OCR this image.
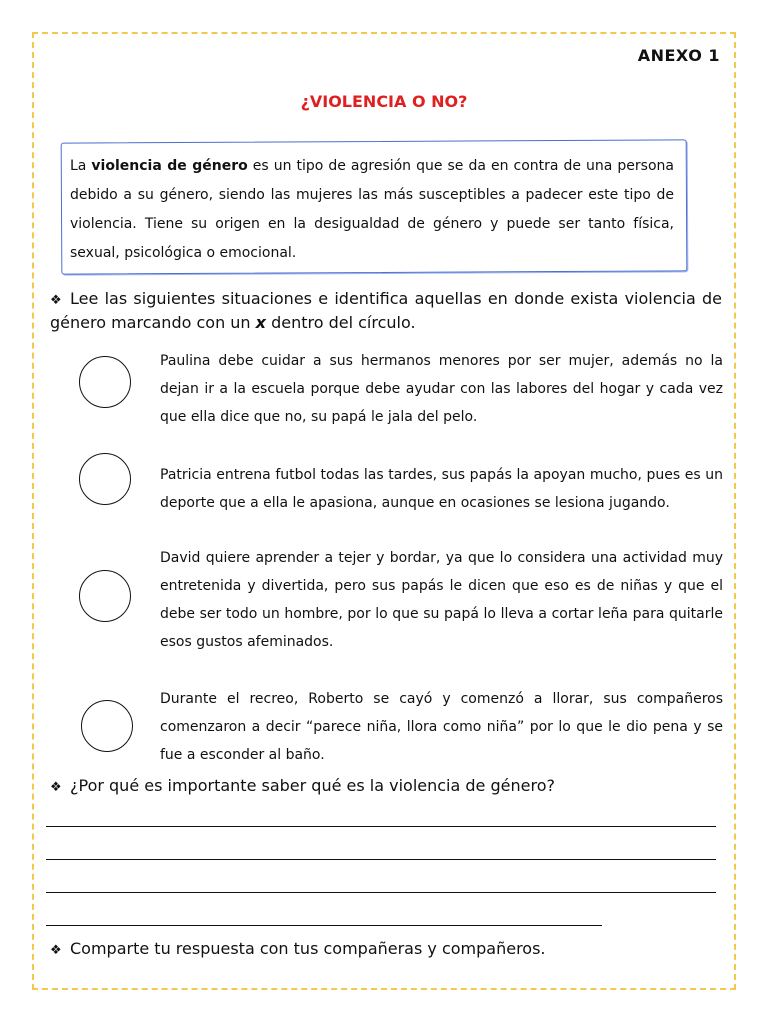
ANEXO 1
¿VIOLENCIA O NO?
La violencia de género es un tipo de agresión que se da en contra de una persona debido a su género, siendo las mujeres las más susceptibles a padecer este tipo de violencia. Tiene su origen en la desigualdad de género y puede ser tanto física, sexual, psicológica o emocional.
❖ Lee las siguientes situaciones e identifica aquellas en donde exista violencia de género marcando con un x dentro del círculo.
Paulina debe cuidar a sus hermanos menores por ser mujer, además no la dejan ir a la escuela porque debe ayudar con las labores del hogar y cada vez que ella dice que no, su papá le jala del pelo.
Patricia entrena futbol todas las tardes, sus papás la apoyan mucho, pues es un deporte que a ella le apasiona, aunque en ocasiones se lesiona jugando.
David quiere aprender a tejer y bordar, ya que lo considera una actividad muy entretenida y divertida, pero sus papás le dicen que eso es de niñas y que el debe ser todo un hombre, por lo que su papá lo lleva a cortar leña para quitarle esos gustos afeminados.
Durante el recreo, Roberto se cayó y comenzó a llorar, sus compañeros comenzaron a decir “parece niña, llora como niña” por lo que le dio pena y se fue a esconder al baño.
❖ ¿Por qué es importante saber qué es la violencia de género?
❖ Comparte tu respuesta con tus compañeras y compañeros.
